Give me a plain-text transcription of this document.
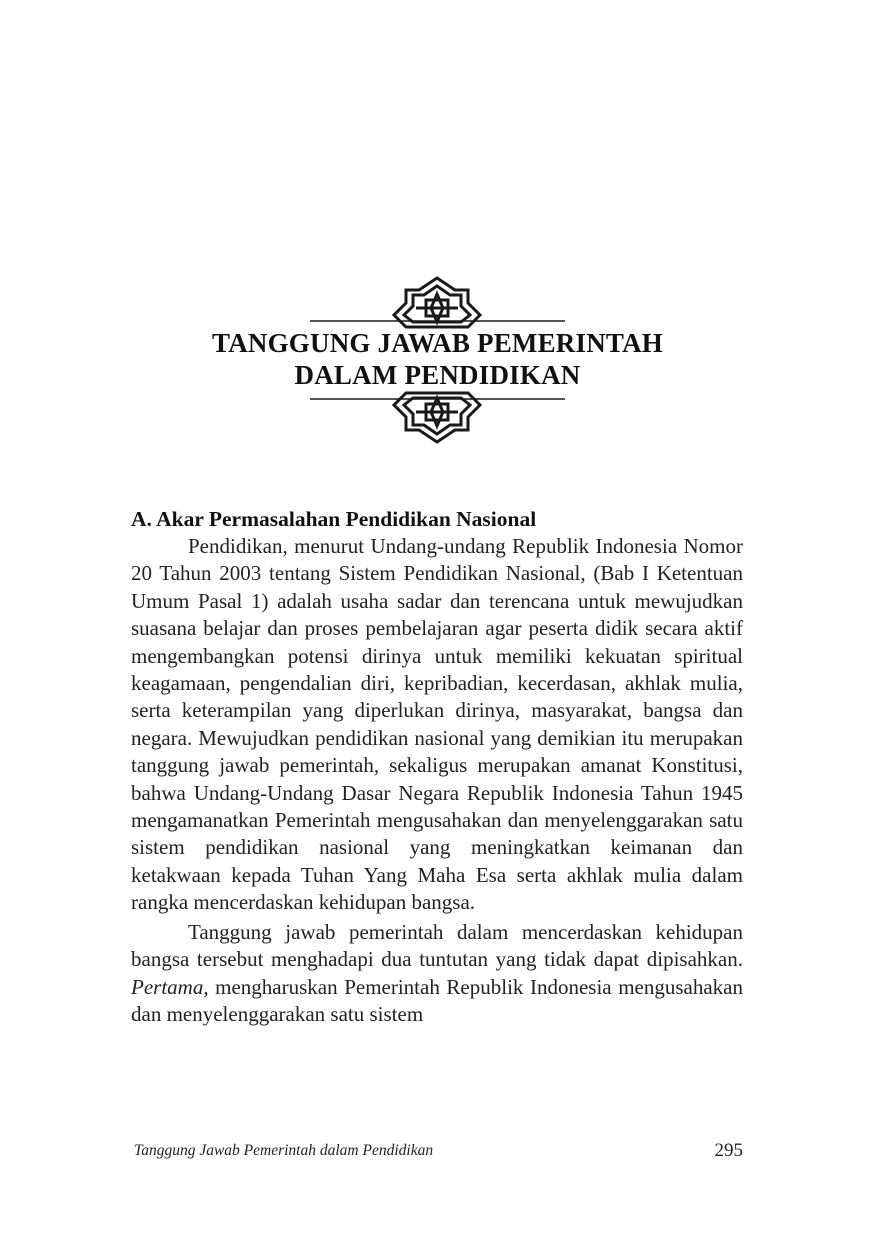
TANGGUNG JAWAB PEMERINTAH
DALAM PENDIDIKAN
A. Akar Permasalahan Pendidikan Nasional

Pendidikan, menurut Undang-undang Republik Indonesia Nomor 20 Tahun 2003 tentang Sistem Pendidikan Nasional, (Bab I Ketentuan Umum Pasal 1) adalah usaha sadar dan terencana untuk mewujudkan suasana belajar dan proses pembelajaran agar peserta didik secara aktif mengembangkan potensi dirinya untuk memiliki kekuatan spiritual keagamaan, pengendalian diri, kepribadian, kecerdasan, akhlak mulia, serta keterampilan yang diperlukan dirinya, masyarakat, bangsa dan negara. Mewujudkan pendidikan nasional yang demikian itu merupakan tanggung jawab pemerintah, sekaligus merupakan amanat Konstitusi, bahwa Undang-Undang Dasar Negara Republik Indonesia Tahun 1945 mengamanatkan Pemerintah mengusahakan dan menyelenggarakan satu sistem pendidikan nasional yang meningkatkan keimanan dan ketakwaan kepada Tuhan Yang Maha Esa serta akhlak mulia dalam rangka mencerdaskan kehidupan bangsa.

Tanggung jawab pemerintah dalam mencerdaskan kehidupan bangsa tersebut menghadapi dua tuntutan yang tidak dapat dipisahkan. Pertama, mengharuskan Pemerintah Republik Indonesia mengusahakan dan menyelenggarakan satu sistem

Tanggung Jawab Pemerintah dalam Pendidikan	295
